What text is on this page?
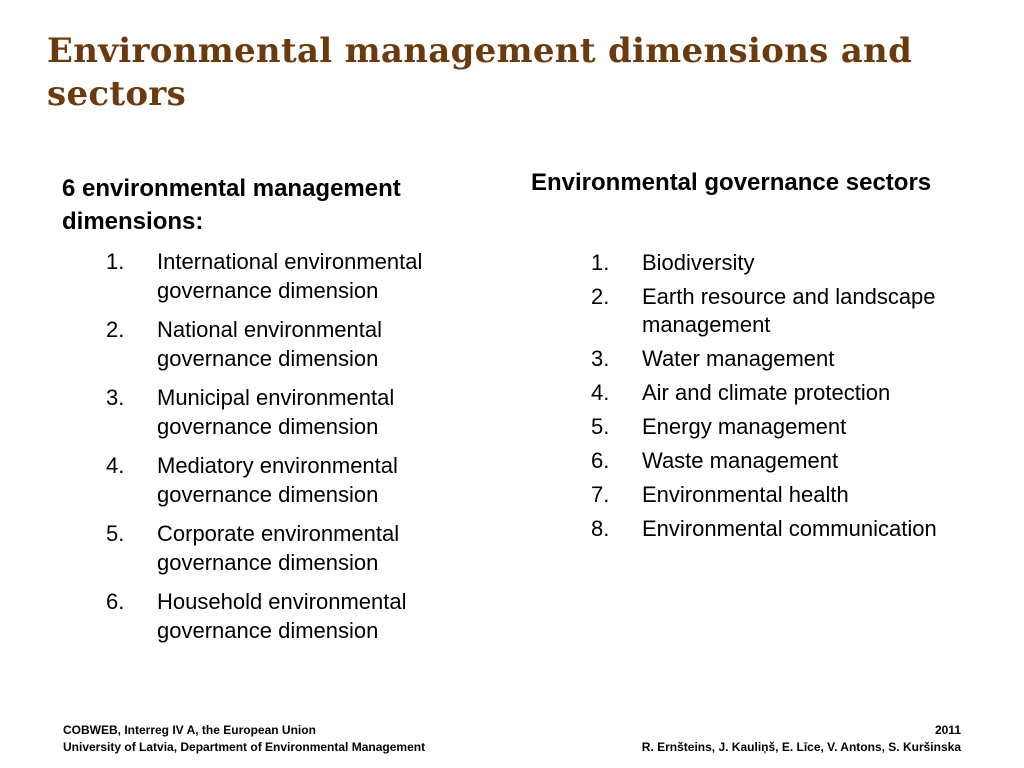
Environmental management dimensions and sectors
6 environmental management dimensions:
1. International environmental governance dimension
2. National environmental governance dimension
3. Municipal environmental governance dimension
4. Mediatory environmental governance dimension
5. Corporate environmental governance dimension
6. Household environmental governance dimension
Environmental governance sectors
1. Biodiversity
2. Earth resource and landscape management
3. Water management
4. Air and climate protection
5. Energy management
6. Waste management
7. Environmental health
8. Environmental communication
COBWEB, Interreg IV A, the European Union
University of Latvia, Department of Environmental Management
2011
R. Ernšteins, J. Kauliņš, E. Līce, V. Antons, S. Kuršinska
